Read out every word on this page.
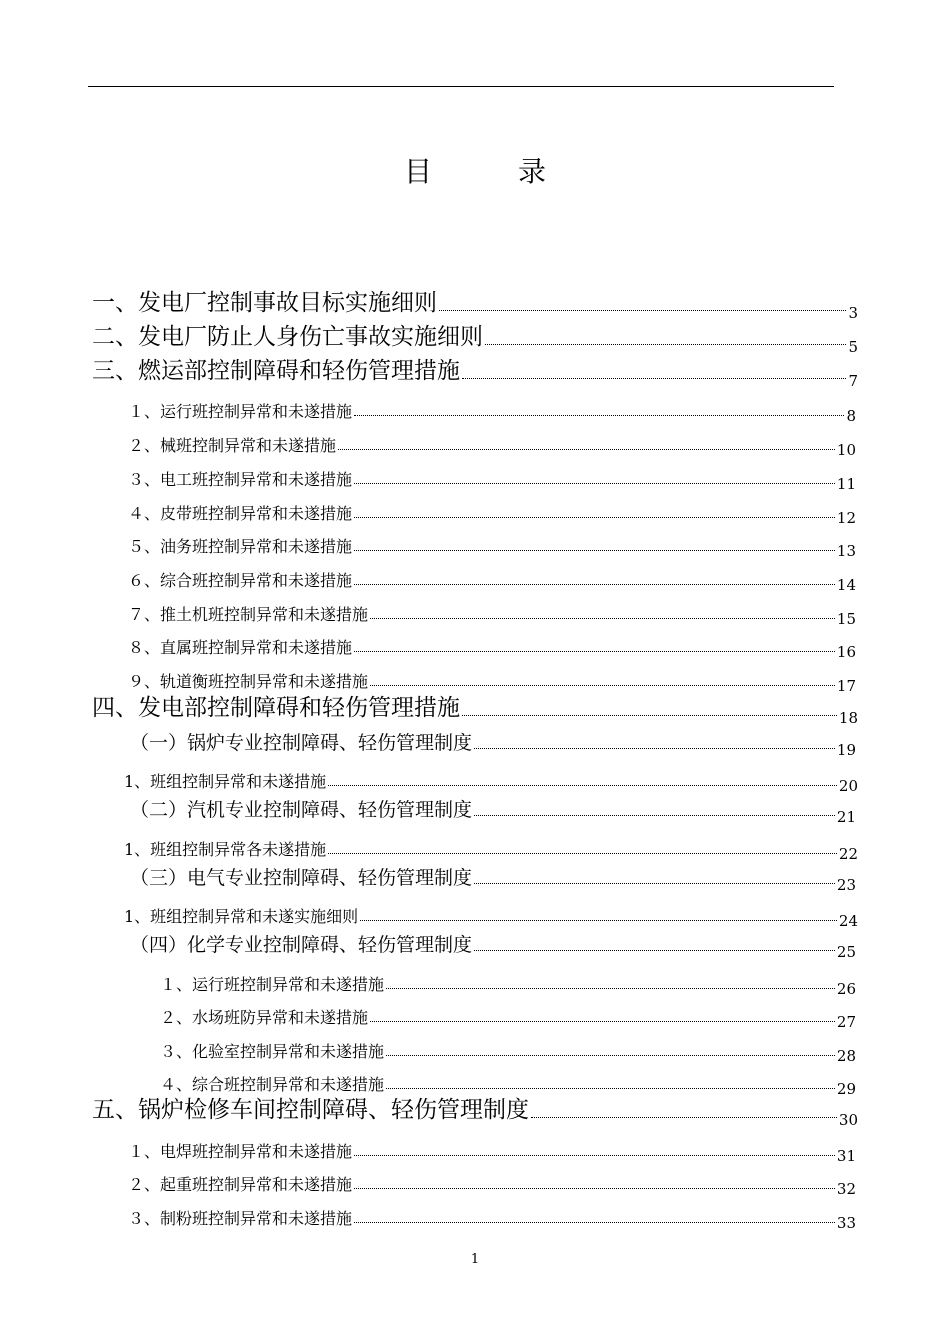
目	录
一、发电厂控制事故目标实施细则	3
二、发电厂防止人身伤亡事故实施细则	5
三、燃运部控制障碍和轻伤管理措施	7
１、运行班控制异常和未遂措施	8
２、械班控制异常和未遂措施	10
３、电工班控制异常和未遂措施	11
４、皮带班控制异常和未遂措施	12
５、油务班控制异常和未遂措施	13
６、综合班控制异常和未遂措施	14
７、推土机班控制异常和未遂措施	15
８、直属班控制异常和未遂措施	16
９、轨道衡班控制异常和未遂措施	17
四、发电部控制障碍和轻伤管理措施	18
（一）锅炉专业控制障碍、轻伤管理制度	19
1、班组控制异常和未遂措施	20
（二）汽机专业控制障碍、轻伤管理制度	21
1、班组控制异常各未遂措施	22
（三）电气专业控制障碍、轻伤管理制度	23
1、班组控制异常和未遂实施细则	24
（四）化学专业控制障碍、轻伤管理制度	25
１、运行班控制异常和未遂措施	26
２、水场班防异常和未遂措施	27
３、化验室控制异常和未遂措施	28
４、综合班控制异常和未遂措施	29
五、锅炉检修车间控制障碍、轻伤管理制度	30
１、电焊班控制异常和未遂措施	31
２、起重班控制异常和未遂措施	32
３、制粉班控制异常和未遂措施	33
1
